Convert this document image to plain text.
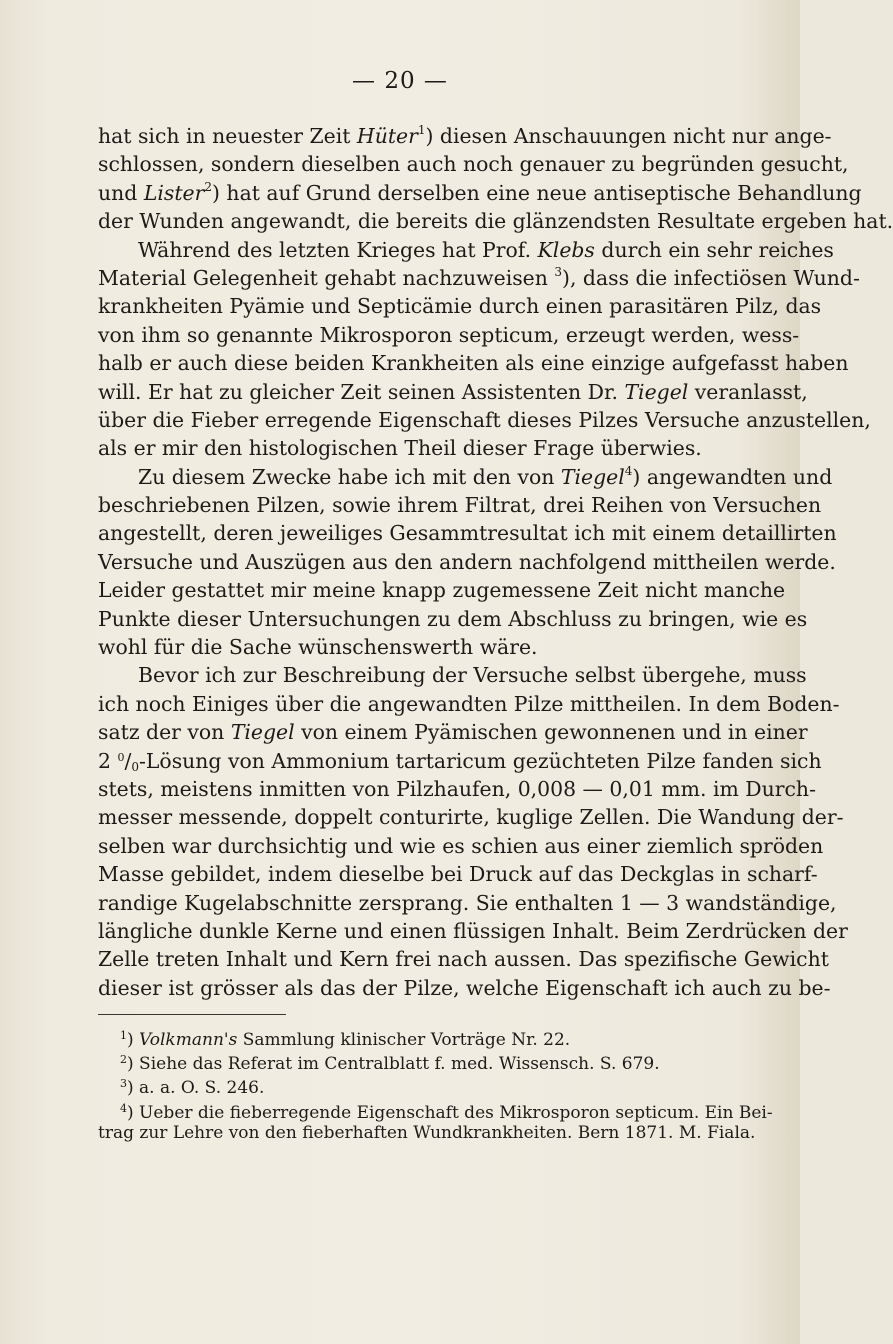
— 20 —
hat sich in neuester Zeit Hüter$^1$) diesen Anschauungen nicht nur ange-
schlossen, sondern dieselben auch noch genauer zu begründen gesucht,
und Lister$^2$) hat auf Grund derselben eine neue antiseptische Behandlung
der Wunden angewandt, die bereits die glänzendsten Resultate ergeben hat.
Während des letzten Krieges hat Prof. Klebs durch ein sehr reiches
Material Gelegenheit gehabt nachzuweisen $^3$), dass die infectiösen Wund-
krankheiten Pyämie und Septicämie durch einen parasitären Pilz, das
von ihm so genannte Mikrosporon septicum, erzeugt werden, wess-
halb er auch diese beiden Krankheiten als eine einzige aufgefasst haben
will. Er hat zu gleicher Zeit seinen Assistenten Dr. Tiegel veranlasst,
über die Fieber erregende Eigenschaft dieses Pilzes Versuche anzustellen,
als er mir den histologischen Theil dieser Frage überwies.
Zu diesem Zwecke habe ich mit den von Tiegel$^4$) angewandten und
beschriebenen Pilzen, sowie ihrem Filtrat, drei Reihen von Versuchen
angestellt, deren jeweiliges Gesammtresultat ich mit einem detaillirten
Versuche und Auszügen aus den andern nachfolgend mittheilen werde.
Leider gestattet mir meine knapp zugemessene Zeit nicht manche
Punkte dieser Untersuchungen zu dem Abschluss zu bringen, wie es
wohl für die Sache wünschenswerth wäre.
Bevor ich zur Beschreibung der Versuche selbst übergehe, muss
ich noch Einiges über die angewandten Pilze mittheilen. In dem Boden-
satz der von Tiegel von einem Pyämischen gewonnenen und in einer
2 $^0$/0-Lösung von Ammonium tartaricum gezüchteten Pilze fanden sich
stets, meistens inmitten von Pilzhaufen, 0,008 — 0,01 mm. im Durch-
messer messende, doppelt conturirte, kuglige Zellen. Die Wandung der-
selben war durchsichtig und wie es schien aus einer ziemlich spröden
Masse gebildet, indem dieselbe bei Druck auf das Deckglas in scharf-
randige Kugelabschnitte zersprang. Sie enthalten 1 — 3 wandständige,
längliche dunkle Kerne und einen flüssigen Inhalt. Beim Zerdrücken der
Zelle treten Inhalt und Kern frei nach aussen. Das spezifische Gewicht
dieser ist grösser als das der Pilze, welche Eigenschaft ich auch zu be-
$^1$) Volkmann's Sammlung klinischer Vorträge Nr. 22.
$^2$) Siehe das Referat im Centralblatt f. med. Wissensch. S. 679.
$^3$) a. a. O. S. 246.
$^4$) Ueber die fieberregende Eigenschaft des Mikrosporon septicum. Ein Bei-
trag zur Lehre von den fieberhaften Wundkrankheiten. Bern 1871. M. Fiala.
